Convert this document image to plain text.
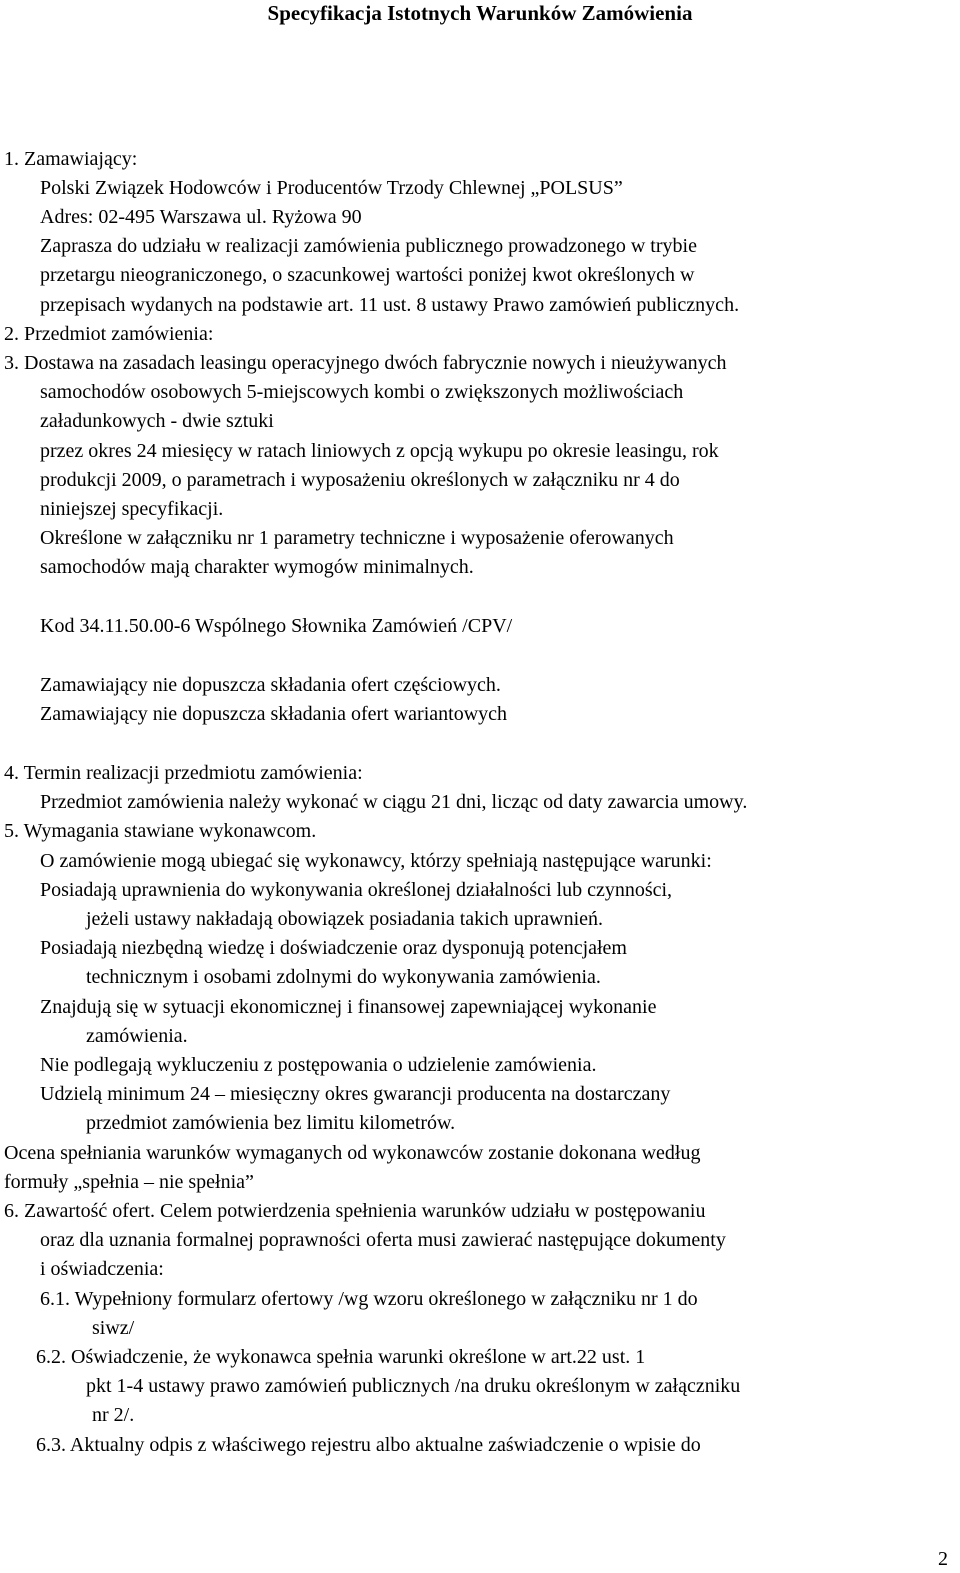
Specyfikacja Istotnych Warunków Zamówienia
1. Zamawiający:
Polski Związek Hodowców i Producentów Trzody Chlewnej „POLSUS”
Adres: 02-495 Warszawa ul. Ryżowa 90
Zaprasza do udziału w realizacji zamówienia publicznego prowadzonego w trybie
przetargu nieograniczonego, o szacunkowej wartości poniżej kwot określonych w
przepisach wydanych na podstawie art. 11 ust. 8 ustawy Prawo zamówień publicznych.
2. Przedmiot zamówienia:
3. Dostawa na zasadach leasingu operacyjnego dwóch fabrycznie nowych i nieużywanych
samochodów osobowych 5-miejscowych kombi o zwiększonych możliwościach
załadunkowych - dwie sztuki
przez okres 24 miesięcy w ratach liniowych z opcją wykupu po okresie leasingu, rok
produkcji 2009, o parametrach i wyposażeniu określonych w załączniku nr 4 do
niniejszej specyfikacji.
Określone w załączniku nr 1 parametry techniczne i wyposażenie oferowanych
samochodów mają charakter wymogów minimalnych.
Kod 34.11.50.00-6 Wspólnego Słownika Zamówień /CPV/
Zamawiający nie dopuszcza składania ofert częściowych.
Zamawiający nie dopuszcza składania ofert wariantowych
4. Termin realizacji przedmiotu zamówienia:
Przedmiot zamówienia należy wykonać w ciągu 21 dni, licząc od daty zawarcia umowy.
5. Wymagania stawiane wykonawcom.
O zamówienie mogą ubiegać się wykonawcy, którzy spełniają następujące warunki:
Posiadają uprawnienia do wykonywania określonej działalności lub czynności,
jeżeli ustawy nakładają obowiązek posiadania takich uprawnień.
Posiadają niezbędną wiedzę i doświadczenie oraz dysponują potencjałem
technicznym i osobami zdolnymi do wykonywania zamówienia.
Znajdują się w sytuacji ekonomicznej i finansowej zapewniającej wykonanie
zamówienia.
Nie podlegają wykluczeniu z postępowania o udzielenie zamówienia.
Udzielą minimum 24 – miesięczny okres gwarancji producenta na dostarczany
przedmiot zamówienia bez limitu kilometrów.
Ocena spełniania warunków wymaganych od wykonawców zostanie dokonana według
formuły „spełnia – nie spełnia”
6. Zawartość ofert. Celem potwierdzenia spełnienia warunków udziału w postępowaniu
oraz dla uznania formalnej poprawności oferta musi zawierać następujące dokumenty
i oświadczenia:
6.1. Wypełniony formularz ofertowy /wg wzoru określonego w załączniku nr 1 do
siwz/
6.2. Oświadczenie, że wykonawca spełnia warunki określone w art.22 ust. 1
pkt 1-4 ustawy prawo zamówień publicznych /na druku określonym w załączniku
nr 2/.
6.3. Aktualny odpis z właściwego rejestru albo aktualne zaświadczenie o wpisie do
2
